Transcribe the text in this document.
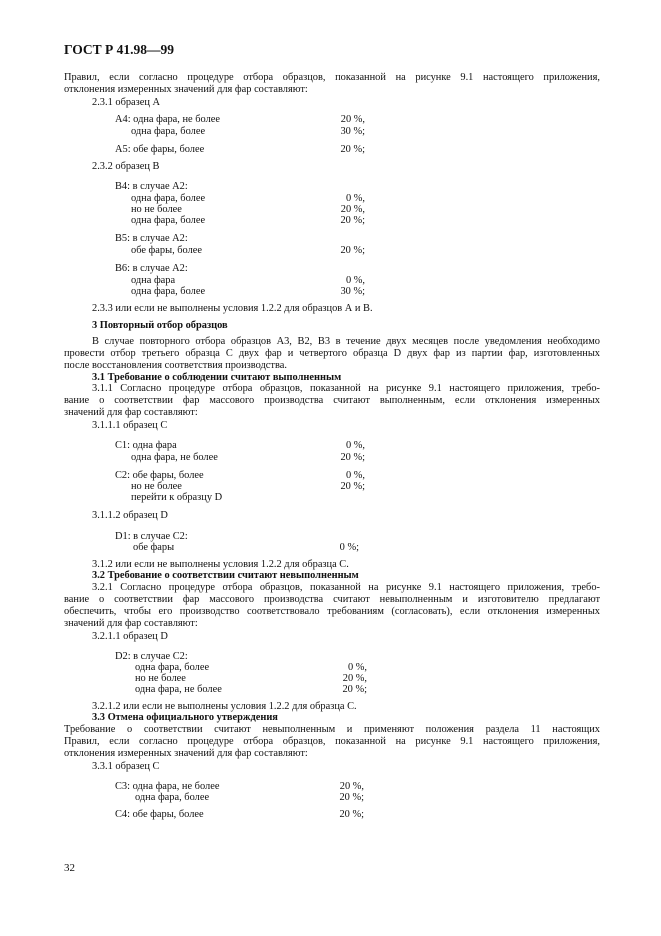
ГОСТ Р 41.98—99
Правил, если согласно процедуре отбора образцов, показанной на рисунке 9.1 настоящего приложения,
отклонения измеренных значений для фар составляют:
2.3.1 образец А
А4: одна фара, не более	20 %,
одна фара, более	30 %;
А5: обе фары, более	20 %;
2.3.2 образец В
В4: в случае А2:
одна фара, более	0 %,
но не более	20 %,
одна фара, более	20 %;
В5: в случае А2:
обе фары, более	20 %;
В6: в случае А2:
одна фара	0 %,
одна фара, более	30 %;
2.3.3 или если не выполнены условия 1.2.2 для образцов А и В.
3 Повторный отбор образцов
В случае повторного отбора образцов А3, В2, В3 в течение двух месяцев после уведомления необходимо
провести отбор третьего образца С двух фар и четвертого образца D двух фар из партии фар, изготовленных
после восстановления соответствия производства.
3.1 Требование о соблюдении считают выполненным
3.1.1 Согласно процедуре отбора образцов, показанной на рисунке 9.1 настоящего приложения, требо-
вание о соответствии фар массового производства считают выполненным, если отклонения измеренных
значений для фар составляют:
3.1.1.1 образец С
С1: одна фара	0 %,
одна фара, не более	20 %;
С2: обе фары, более	0 %,
но не более	20 %;
перейти к образцу D
3.1.1.2 образец D
D1: в случае С2:
обе фары	0 %;
3.1.2 или если не выполнены условия 1.2.2 для образца С.
3.2 Требование о соответствии считают невыполненным
3.2.1 Согласно процедуре отбора образцов, показанной на рисунке 9.1 настоящего приложения, требо-
вание о соответствии фар массового производства считают невыполненным и изготовителю предлагают
обеспечить, чтобы его производство соответствовало требованиям (согласовать), если отклонения измеренных
значений для фар составляют:
3.2.1.1 образец D
D2: в случае С2:
одна фара, более	0 %,
но не более	20 %,
одна фара, не более	20 %;
3.2.1.2 или если не выполнены условия 1.2.2 для образца С.
3.3 Отмена официального утверждения
Требование о соответствии считают невыполненным и применяют положения раздела 11 настоящих
Правил, если согласно процедуре отбора образцов, показанной на рисунке 9.1 настоящего приложения,
отклонения измеренных значений для фар составляют:
3.3.1 образец С
С3: одна фара, не более	20 %,
одна фара, более	20 %;
С4: обе фары, более	20 %;
32
